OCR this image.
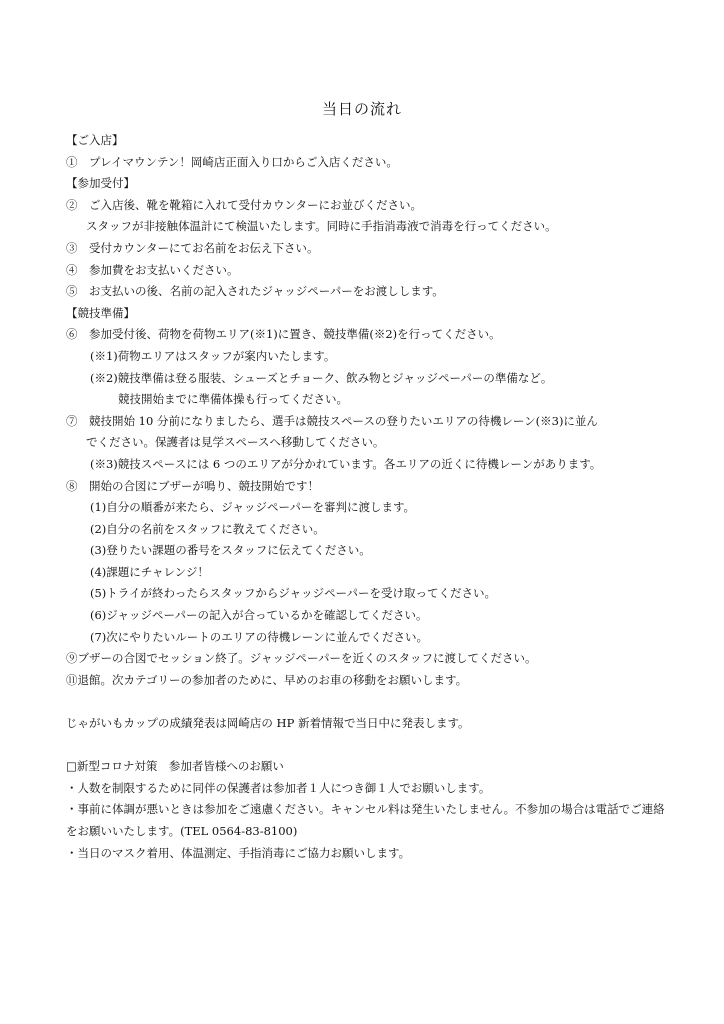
当日の流れ
【ご入店】
①　プレイマウンテン！岡崎店正面入り口からご入店ください。
【参加受付】
②　ご入店後、靴を靴箱に入れて受付カウンターにお並びください。
スタッフが非接触体温計にて検温いたします。同時に手指消毒液で消毒を行ってください。
③　受付カウンターにてお名前をお伝え下さい。
④　参加費をお支払いください。
⑤　お支払いの後、名前の記入されたジャッジペーパーをお渡しします。
【競技準備】
⑥　参加受付後、荷物を荷物エリア(※1)に置き、競技準備(※2)を行ってください。
(※1)荷物エリアはスタッフが案内いたします。
(※2)競技準備は登る服装、シューズとチョーク、飲み物とジャッジペーパーの準備など。
競技開始までに準備体操も行ってください。
⑦　競技開始 10 分前になりましたら、選手は競技スペースの登りたいエリアの待機レーン(※3)に並ん
でください。保護者は見学スペースへ移動してください。
(※3)競技スペースには 6 つのエリアが分かれています。各エリアの近くに待機レーンがあります。
⑧　開始の合図にブザーが鳴り、競技開始です！
(1)自分の順番が来たら、ジャッジペーパーを審判に渡します。
(2)自分の名前をスタッフに教えてください。
(3)登りたい課題の番号をスタッフに伝えてください。
(4)課題にチャレンジ！
(5)トライが終わったらスタッフからジャッジペーパーを受け取ってください。
(6)ジャッジペーパーの記入が合っているかを確認してください。
(7)次にやりたいルートのエリアの待機レーンに並んでください。
⑨ブザーの合図でセッション終了。ジャッジペーパーを近くのスタッフに渡してください。
⑪退館。次カテゴリーの参加者のために、早めのお車の移動をお願いします。
じゃがいもカップの成績発表は岡崎店の HP 新着情報で当日中に発表します。
□新型コロナ対策　参加者皆様へのお願い
・人数を制限するために同伴の保護者は参加者１人につき御１人でお願いします。
・事前に体調が悪いときは参加をご遠慮ください。キャンセル料は発生いたしません。不参加の場合は電話でご連絡をお願いいたします。(TEL 0564-83-8100)
・当日のマスク着用、体温測定、手指消毒にご協力お願いします。
